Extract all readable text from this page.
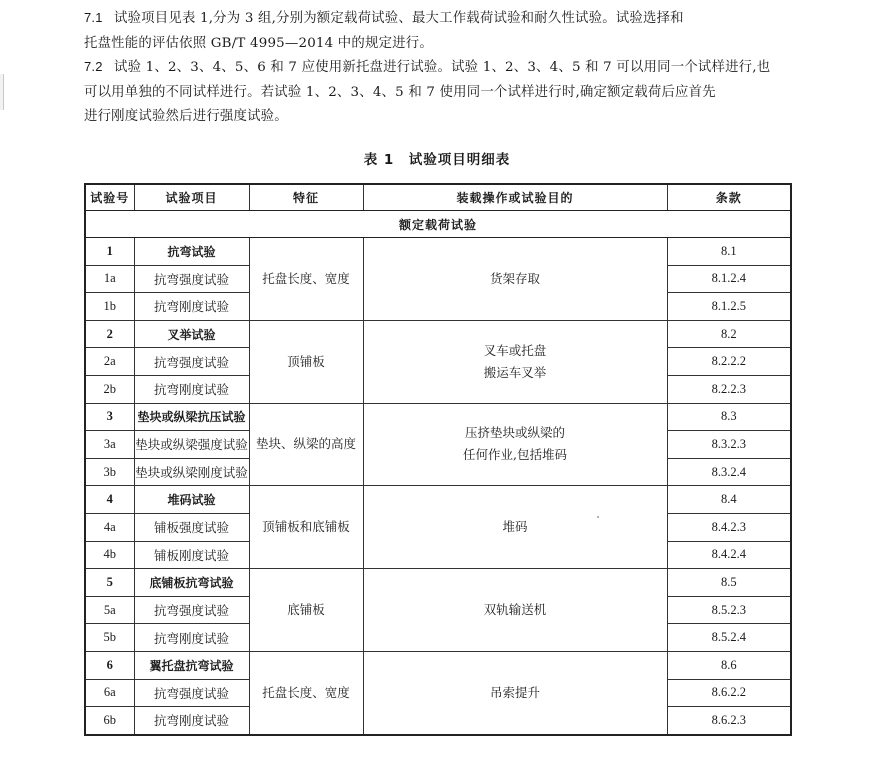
7.1 试验项目见表 1,分为 3 组,分别为额定载荷试验、最大工作载荷试验和耐久性试验。试验选择和
托盘性能的评估依照 GB/T 4995—2014 中的规定进行。
7.2 试验 1、2、3、4、5、6 和 7 应使用新托盘进行试验。试验 1、2、3、4、5 和 7 可以用同一个试样进行,也
可以用单独的不同试样进行。若试验 1、2、3、4、5 和 7 使用同一个试样进行时,确定额定载荷后应首先
进行刚度试验然后进行强度试验。
表 1　试验项目明细表
试验号	试验项目	特征	装载操作或试验目的	条款
额定载荷试验				
1	抗弯试验	托盘长度、宽度	货架存取	8.1
1a	抗弯强度试验			8.1.2.4
1b	抗弯刚度试验			8.1.2.5
2	叉举试验	顶铺板	叉车或托盘
搬运车叉举	8.2
2a	抗弯强度试验			8.2.2.2
2b	抗弯刚度试验			8.2.2.3
3	垫块或纵梁抗压试验	垫块、纵梁的高度	压挤垫块或纵梁的
任何作业,包括堆码	8.3
3a	垫块或纵梁强度试验			8.3.2.3
3b	垫块或纵梁刚度试验			8.3.2.4
4	堆码试验	顶铺板和底铺板	堆码	8.4
4a	铺板强度试验			8.4.2.3
4b	铺板刚度试验			8.4.2.4
5	底铺板抗弯试验	底铺板	双轨输送机	8.5
5a	抗弯强度试验			8.5.2.3
5b	抗弯刚度试验			8.5.2.4
6	翼托盘抗弯试验	托盘长度、宽度	吊索提升	8.6
6a	抗弯强度试验			8.6.2.2
6b	抗弯刚度试验			8.6.2.3
